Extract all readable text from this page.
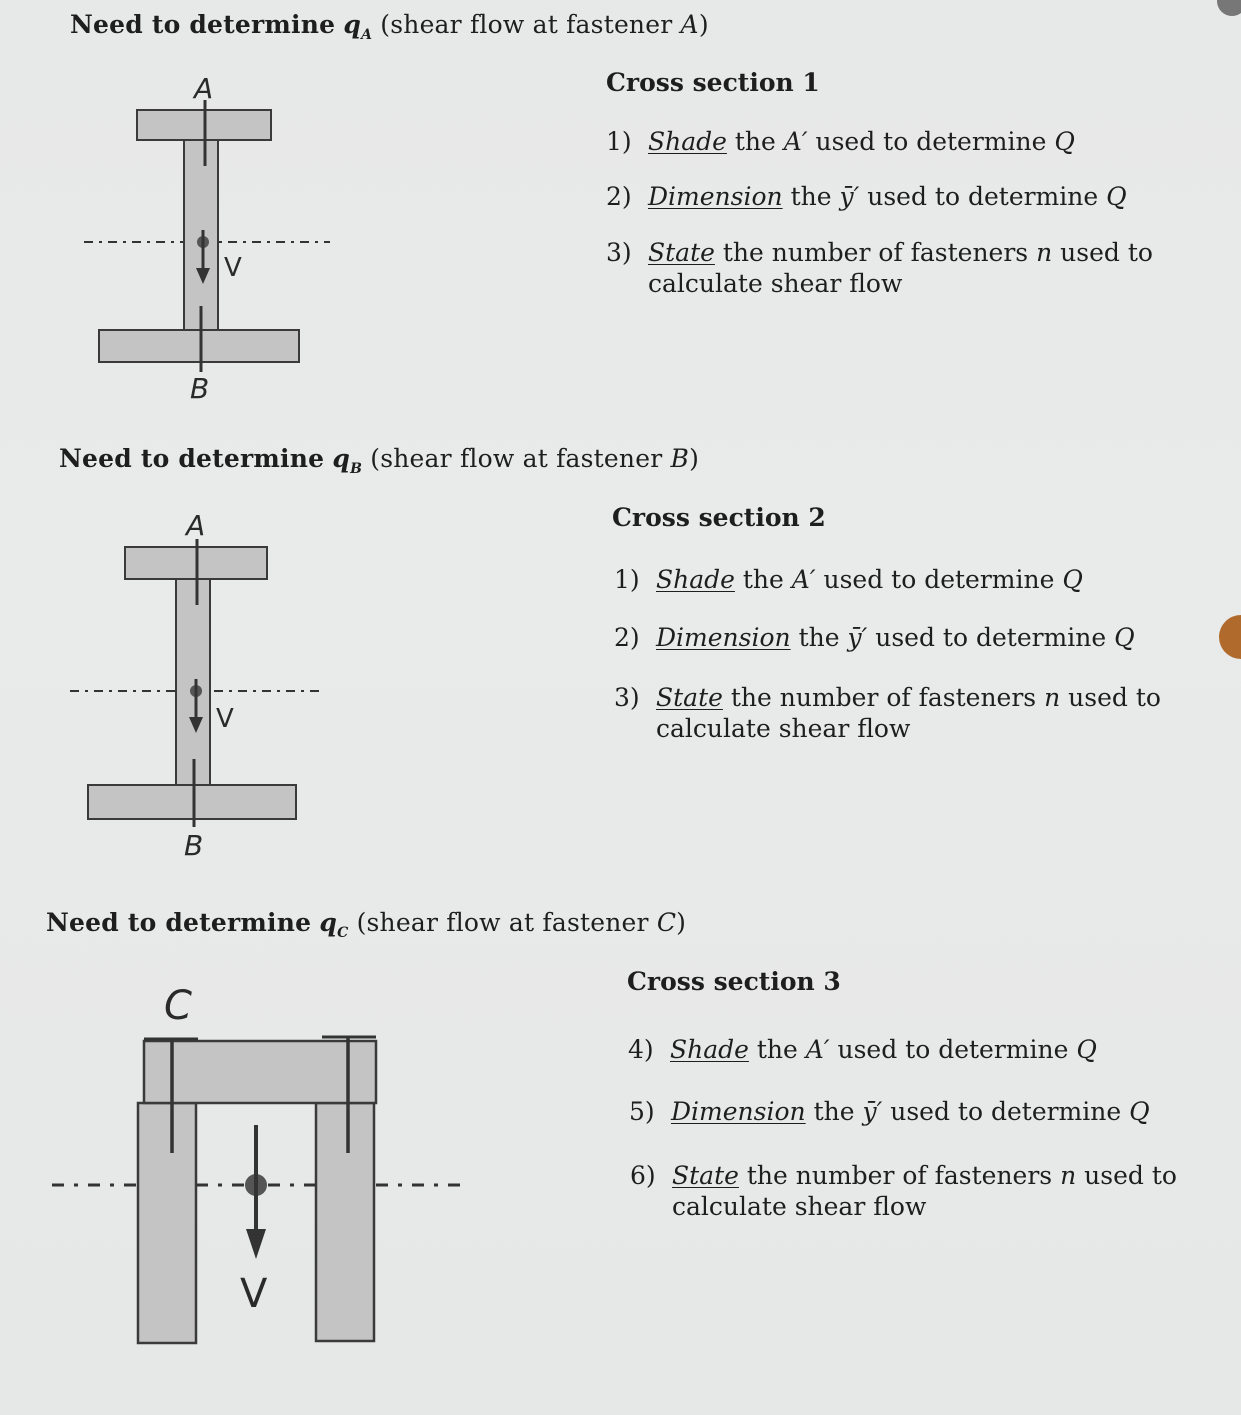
Need to determine $q_A$ (shear flow at fastener A)
A
B
V
Cross section 1
1) Shade the A′ used to determine Q
2) Dimension the ȳ′ used to determine Q
3) State the number of fasteners n used to
calculate shear flow
Need to determine $q_B$ (shear flow at fastener B)
A
B
V
Cross section 2
1) Shade the A′ used to determine Q
2) Dimension the ȳ′ used to determine Q
3) State the number of fasteners n used to
calculate shear flow
Need to determine $q_C$ (shear flow at fastener C)
C
V
Cross section 3
4) Shade the A′ used to determine Q
5) Dimension the ȳ′ used to determine Q
6) State the number of fasteners n used to
calculate shear flow
